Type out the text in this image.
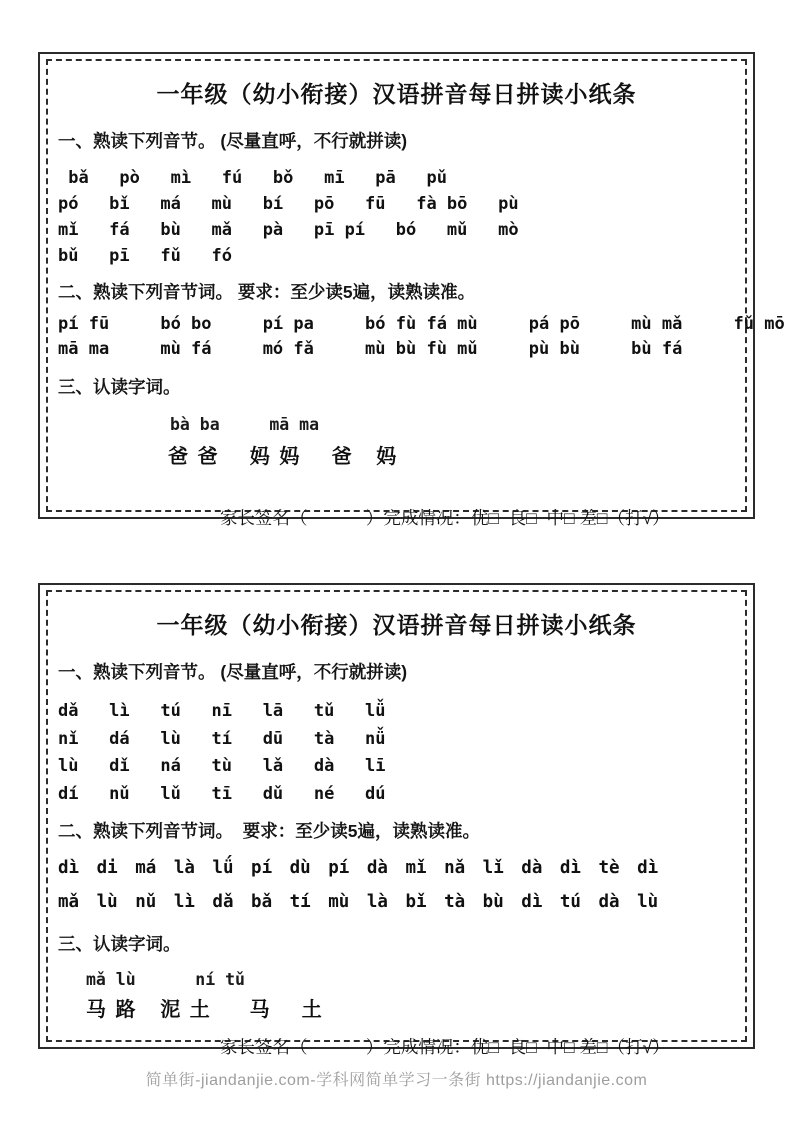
一年级（幼小衔接）汉语拼音每日拼读小纸条
一、熟读下列音节。 (尽量直呼，不行就拼读)
bǎ   pò   mì   fú   bǒ   mī   pā   pǔ
pó   bǐ   má   mù   bí   pō   fū   fà bō   pù
mǐ   fá   bù   mǎ   pà   pī pí   bó   mǔ   mò
bǔ   pī   fǔ   fó
二、熟读下列音节词。 要求：至少读5遍，读熟读准。
pí fū     bó bo     pí pa     bó fù fá mù     pá pō     mù mǎ     fǔ mō
mā ma     mù fá     mó fǎ     mù bù fù mǔ     pù bù     bù fá
三、认读字词。
bà ba     mā ma
爸 爸    妈 妈    爸   妈
家长签名（            ）完成情况：优□ 良□ 中□ 差□（打√）
一年级（幼小衔接）汉语拼音每日拼读小纸条
一、熟读下列音节。 (尽量直呼，不行就拼读)
dǎ   lì   tú   nī   lā   tǔ   lǚ
nǐ   dá   lù   tí   dū   tà   nǚ
lù   dǐ   ná   tù   lǎ   dà   lī
dí   nǔ   lǔ   tī   dǔ   né   dú
二、熟读下列音节词。  要求：至少读5遍，读熟读准。
dì di má là lǘ pí dù pí dà mǐ nǎ lǐ dà dì tè dì
mǎ lù nǔ lì dǎ bǎ tí mù là bǐ tà bù dì tú dà lù
三、认读字词。
mǎ lù      ní tǔ
马 路   泥 土     马    土
家长签名（            ）完成情况：优□ 良□ 中□ 差□（打√）
简单街-jiandanjie.com-学科网简单学习一条街 https://jiandanjie.com
